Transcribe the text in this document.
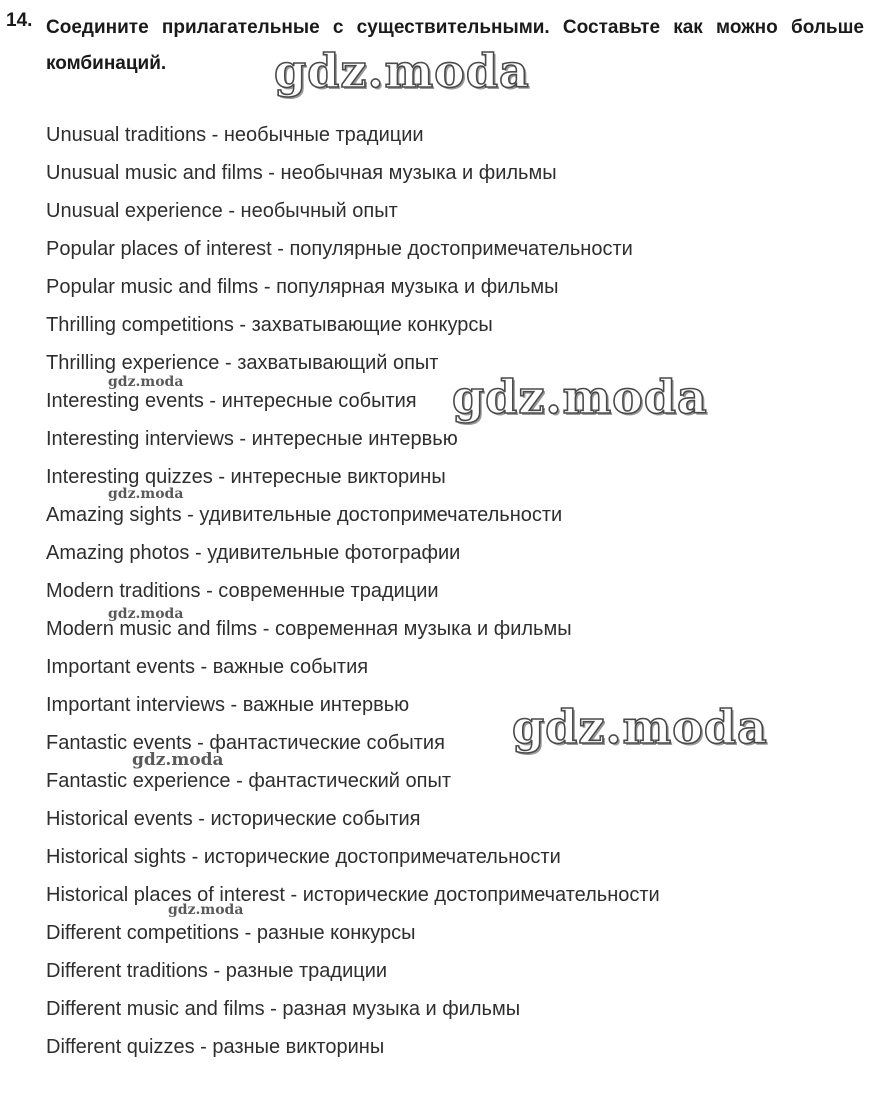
14. Соедините прилагательные с существительными. Составьте как можно больше комбинаций.
Unusual traditions - необычные традиции
Unusual music and films - необычная музыка и фильмы
Unusual experience - необычный опыт
Popular places of interest - популярные достопримечательности
Popular music and films - популярная музыка и фильмы
Thrilling competitions - захватывающие конкурсы
Thrilling experience - захватывающий опыт
Interesting events - интересные события
Interesting interviews - интересные интервью
Interesting quizzes - интересные викторины
Amazing sights - удивительные достопримечательности
Amazing photos - удивительные фотографии
Modern traditions - современные традиции
Modern music and films - современная музыка и фильмы
Important events - важные события
Important interviews - важные интервью
Fantastic events - фантастические события
Fantastic experience - фантастический опыт
Historical events - исторические события
Historical sights - исторические достопримечательности
Historical places of interest - исторические достопримечательности
Different competitions - разные конкурсы
Different traditions - разные традиции
Different music and films - разная музыка и фильмы
Different quizzes - разные викторины
gdz.moda
gdz.moda
gdz.moda
gdz.moda
gdz.moda
gdz.moda
gdz.moda
gdz.moda
